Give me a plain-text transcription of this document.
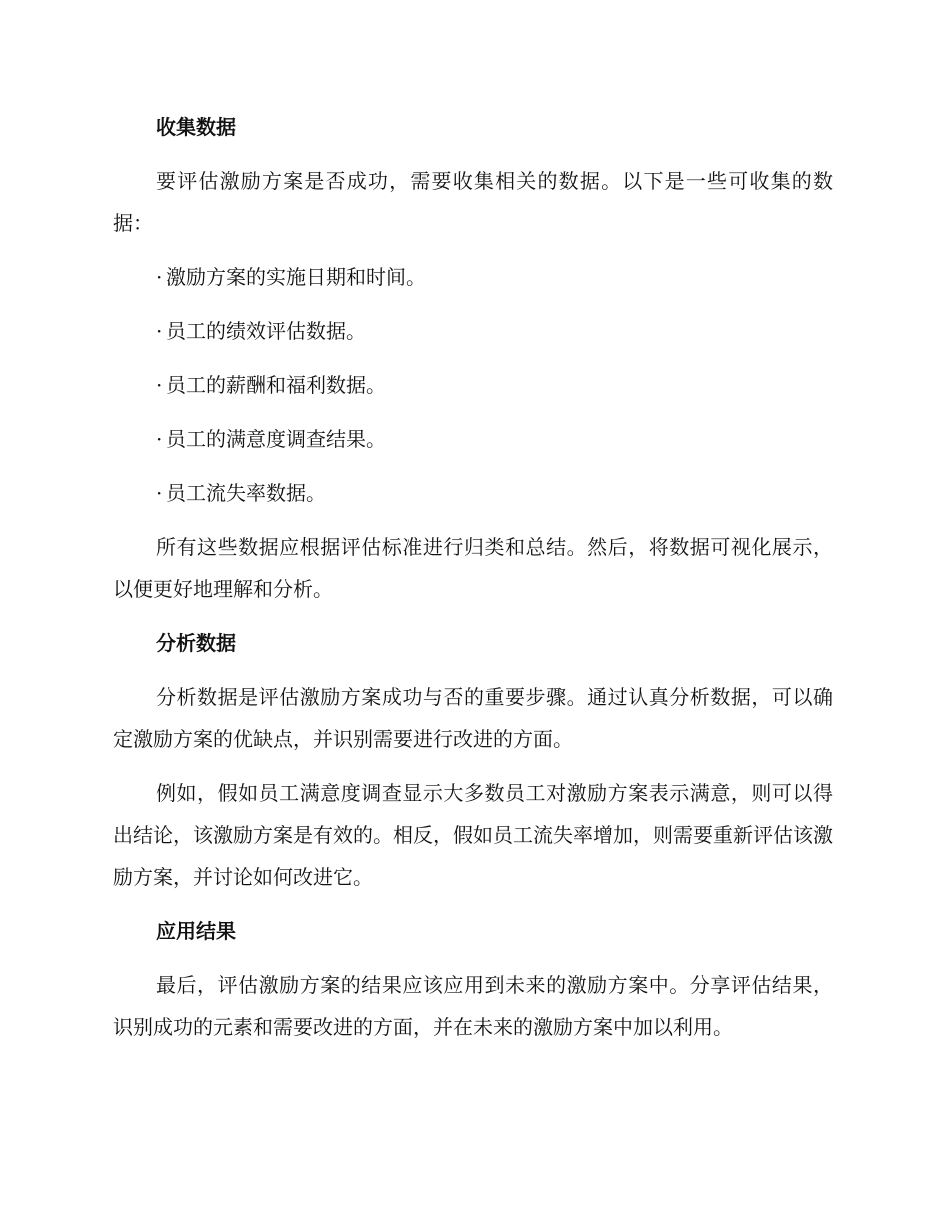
收集数据

要评估激励方案是否成功，需要收集相关的数据。以下是一些可收集的数据：

· 激励方案的实施日期和时间。
· 员工的绩效评估数据。
· 员工的薪酬和福利数据。
· 员工的满意度调查结果。
· 员工流失率数据。

所有这些数据应根据评估标准进行归类和总结。然后，将数据可视化展示，以便更好地理解和分析。

分析数据

分析数据是评估激励方案成功与否的重要步骤。通过认真分析数据，可以确定激励方案的优缺点，并识别需要进行改进的方面。

例如，假如员工满意度调查显示大多数员工对激励方案表示满意，则可以得出结论，该激励方案是有效的。相反，假如员工流失率增加，则需要重新评估该激励方案，并讨论如何改进它。

应用结果

最后，评估激励方案的结果应该应用到未来的激励方案中。分享评估结果，识别成功的元素和需要改进的方面，并在未来的激励方案中加以利用。
